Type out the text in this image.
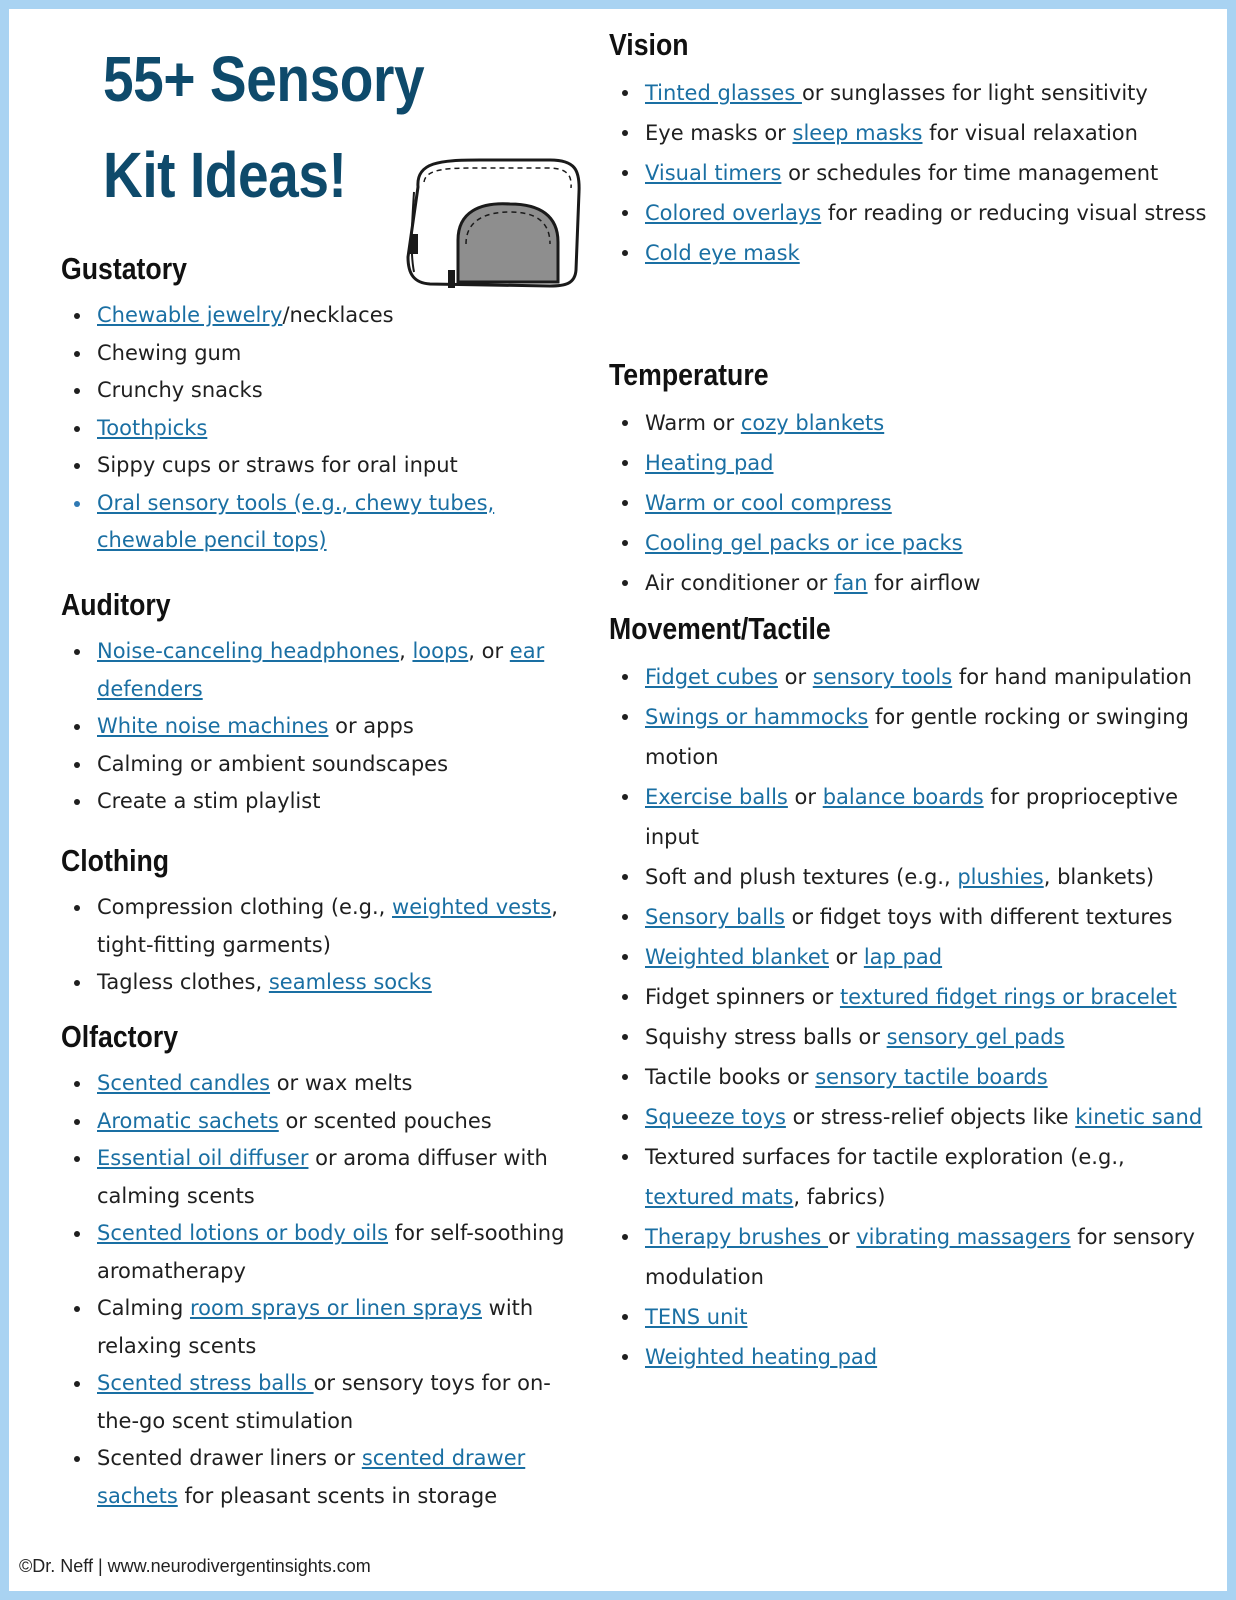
55+ Sensory
Kit Ideas!
Gustatory
Chewable jewelry/necklaces
Chewing gum
Crunchy snacks
Toothpicks
Sippy cups or straws for oral input
Oral sensory tools (e.g., chewy tubes, chewable pencil tops)
Auditory
Noise-canceling headphones, loops, or ear defenders
White noise machines or apps
Calming or ambient soundscapes
Create a stim playlist
Clothing
Compression clothing (e.g., weighted vests, tight-fitting garments)
Tagless clothes, seamless socks
Olfactory
Scented candles or wax melts
Aromatic sachets or scented pouches
Essential oil diffuser or aroma diffuser with calming scents
Scented lotions or body oils for self-soothing aromatherapy
Calming room sprays or linen sprays with relaxing scents
Scented stress balls or sensory toys for on-the-go scent stimulation
Scented drawer liners or scented drawer sachets for pleasant scents in storage
Vision
Tinted glasses or sunglasses for light sensitivity
Eye masks or sleep masks for visual relaxation
Visual timers or schedules for time management
Colored overlays for reading or reducing visual stress
Cold eye mask
Temperature
Warm or cozy blankets
Heating pad
Warm or cool compress
Cooling gel packs or ice packs
Air conditioner or fan for airflow
Movement/Tactile
Fidget cubes or sensory tools for hand manipulation
Swings or hammocks for gentle rocking or swinging motion
Exercise balls or balance boards for proprioceptive input
Soft and plush textures (e.g., plushies, blankets)
Sensory balls or fidget toys with different textures
Weighted blanket or lap pad
Fidget spinners or textured fidget rings or bracelet
Squishy stress balls or sensory gel pads
Tactile books or sensory tactile boards
Squeeze toys or stress-relief objects like kinetic sand
Textured surfaces for tactile exploration (e.g., textured mats, fabrics)
Therapy brushes or vibrating massagers for sensory modulation
TENS unit
Weighted heating pad

©Dr. Neff | www.neurodivergentinsights.com
